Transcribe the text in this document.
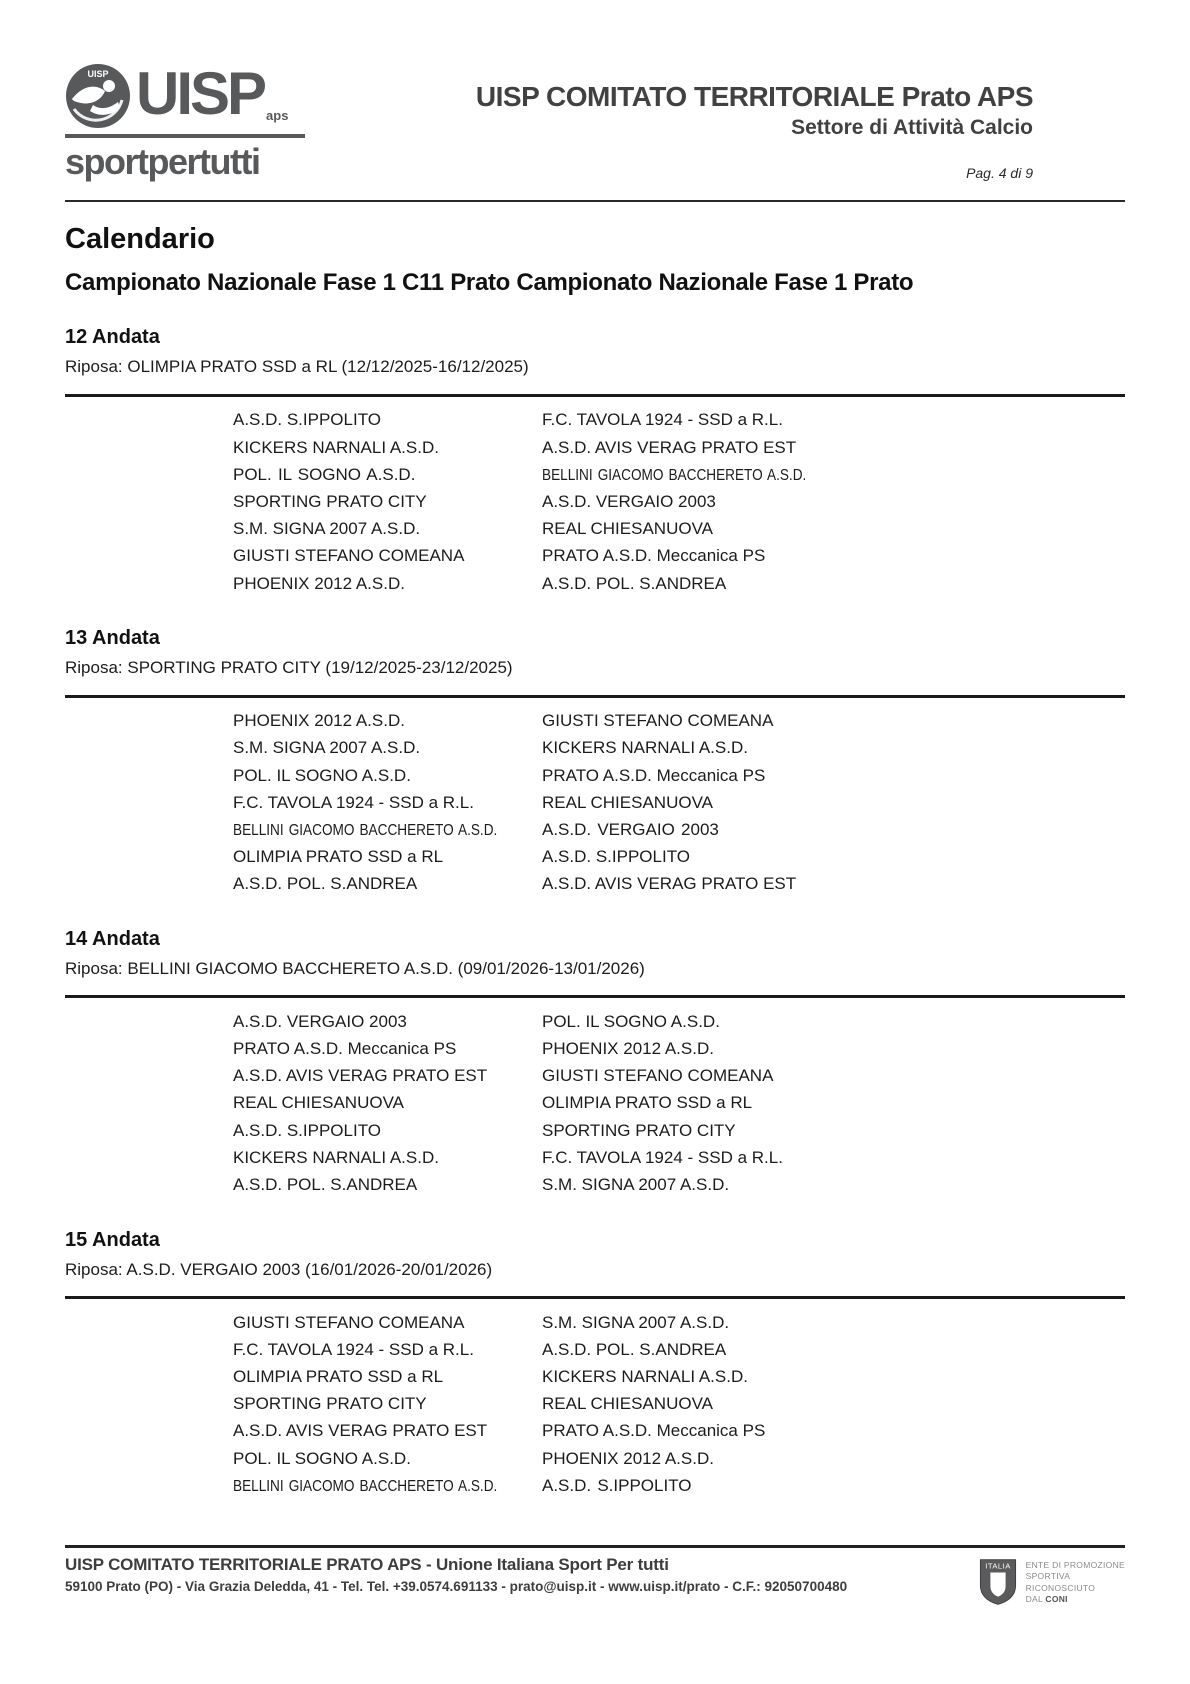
UISP UISP aps
sportpertutti
UISP COMITATO TERRITORIALE Prato APS
Settore di Attività Calcio
Pag. 4 di 9
Calendario
Campionato Nazionale Fase 1 C11 Prato Campionato Nazionale Fase 1 Prato
12 Andata
Riposa: OLIMPIA PRATO SSD a RL (12/12/2025-16/12/2025)
A.S.D. S.IPPOLITO	F.C. TAVOLA 1924 - SSD a R.L.
KICKERS NARNALI A.S.D.	A.S.D. AVIS VERAG PRATO EST
POL. IL SOGNO A.S.D.	BELLINI GIACOMO BACCHERETO A.S.D.
SPORTING PRATO CITY	A.S.D. VERGAIO 2003
S.M. SIGNA 2007 A.S.D.	REAL CHIESANUOVA
GIUSTI STEFANO COMEANA	PRATO A.S.D. Meccanica PS
PHOENIX 2012 A.S.D.	A.S.D. POL. S.ANDREA
13 Andata
Riposa: SPORTING PRATO CITY (19/12/2025-23/12/2025)
PHOENIX 2012 A.S.D.	GIUSTI STEFANO COMEANA
S.M. SIGNA 2007 A.S.D.	KICKERS NARNALI A.S.D.
POL. IL SOGNO A.S.D.	PRATO A.S.D. Meccanica PS
F.C. TAVOLA 1924 - SSD a R.L.	REAL CHIESANUOVA
BELLINI GIACOMO BACCHERETO A.S.D.	A.S.D. VERGAIO 2003
OLIMPIA PRATO SSD a RL	A.S.D. S.IPPOLITO
A.S.D. POL. S.ANDREA	A.S.D. AVIS VERAG PRATO EST
14 Andata
Riposa: BELLINI GIACOMO BACCHERETO A.S.D. (09/01/2026-13/01/2026)
A.S.D. VERGAIO 2003	POL. IL SOGNO A.S.D.
PRATO A.S.D. Meccanica PS	PHOENIX 2012 A.S.D.
A.S.D. AVIS VERAG PRATO EST	GIUSTI STEFANO COMEANA
REAL CHIESANUOVA	OLIMPIA PRATO SSD a RL
A.S.D. S.IPPOLITO	SPORTING PRATO CITY
KICKERS NARNALI A.S.D.	F.C. TAVOLA 1924 - SSD a R.L.
A.S.D. POL. S.ANDREA	S.M. SIGNA 2007 A.S.D.
15 Andata
Riposa: A.S.D. VERGAIO 2003 (16/01/2026-20/01/2026)
GIUSTI STEFANO COMEANA	S.M. SIGNA 2007 A.S.D.
F.C. TAVOLA 1924 - SSD a R.L.	A.S.D. POL. S.ANDREA
OLIMPIA PRATO SSD a RL	KICKERS NARNALI A.S.D.
SPORTING PRATO CITY	REAL CHIESANUOVA
A.S.D. AVIS VERAG PRATO EST	PRATO A.S.D. Meccanica PS
POL. IL SOGNO A.S.D.	PHOENIX 2012 A.S.D.
BELLINI GIACOMO BACCHERETO A.S.D.	A.S.D. S.IPPOLITO
UISP COMITATO TERRITORIALE PRATO APS - Unione Italiana Sport Per tutti
59100 Prato (PO) - Via Grazia Deledda, 41 - Tel. Tel. +39.0574.691133 - prato@uisp.it - www.uisp.it/prato - C.F.: 92050700480
ITALIA ENTE DI PROMOZIONE
SPORTIVA
RICONOSCIUTO
DAL CONI
